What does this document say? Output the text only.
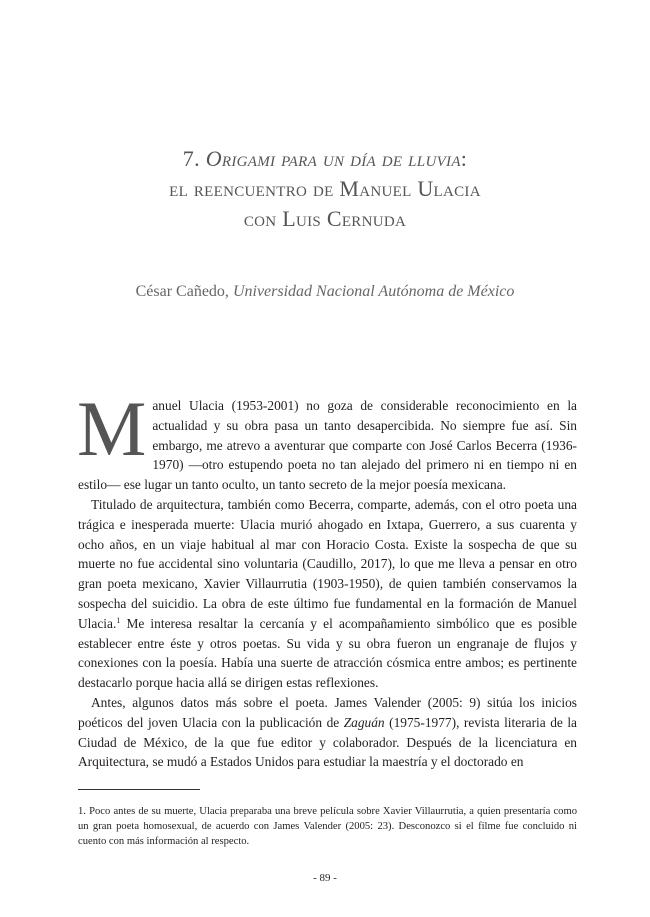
7. Origami para un día de lluvia:
el reencuentro de Manuel Ulacia
con Luis Cernuda
César Cañedo, Universidad Nacional Autónoma de México

Manuel Ulacia (1953-2001) no goza de considerable reconocimiento en la actualidad y su obra pasa un tanto desapercibida. No siempre fue así. Sin embargo, me atrevo a aventurar que comparte con José Carlos Becerra (1936-1970) —otro estupendo poeta no tan alejado del primero ni en tiempo ni en estilo— ese lugar un tanto oculto, un tanto secreto de la mejor poesía mexicana.

Titulado de arquitectura, también como Becerra, comparte, además, con el otro poeta una trágica e inesperada muerte: Ulacia murió ahogado en Ixtapa, Guerrero, a sus cuarenta y ocho años, en un viaje habitual al mar con Horacio Costa. Existe la sospecha de que su muerte no fue accidental sino voluntaria (Caudillo, 2017), lo que me lleva a pensar en otro gran poeta mexicano, Xavier Villaurrutia (1903-1950), de quien también conservamos la sospecha del suicidio. La obra de este último fue fundamental en la formación de Manuel Ulacia.$^1$ Me interesa resaltar la cercanía y el acompañamiento simbólico que es posible establecer entre éste y otros poetas. Su vida y su obra fueron un engranaje de flujos y conexiones con la poesía. Había una suerte de atracción cósmica entre ambos; es pertinente destacarlo porque hacia allá se dirigen estas reflexiones.

Antes, algunos datos más sobre el poeta. James Valender (2005: 9) sitúa los inicios poéticos del joven Ulacia con la publicación de Zaguán (1975-1977), revista literaria de la Ciudad de México, de la que fue editor y colaborador. Después de la licenciatura en Arquitectura, se mudó a Estados Unidos para estudiar la maestría y el doctorado en

1. Poco antes de su muerte, Ulacia preparaba una breve película sobre Xavier Villaurrutia, a quien presentaría como un gran poeta homosexual, de acuerdo con James Valender (2005: 23). Desconozco si el filme fue concluido ni cuento con más información al respecto.
- 89 -
